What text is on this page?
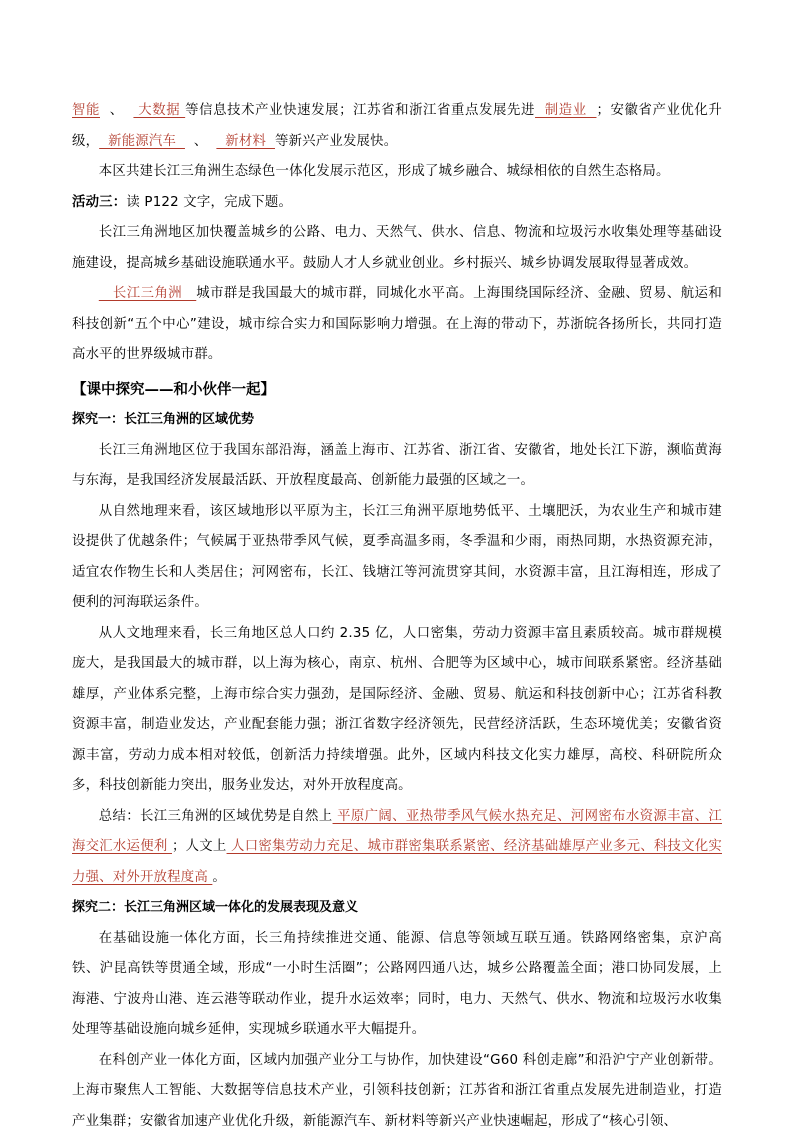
智能  、   大数据 等信息技术产业快速发展；江苏省和浙江省重点发展先进  制造业  ；安徽省产业优化升级，  新能源汽车    、    新材料  等新兴产业发展快。

本区共建长江三角洲生态绿色一体化发展示范区，形成了城乡融合、城绿相依的自然生态格局。

活动三：读 P122 文字，完成下题。

长江三角洲地区加快覆盖城乡的公路、电力、天然气、供水、信息、物流和垃圾污水收集处理等基础设施建设，提高城乡基础设施联通水平。鼓励人才人乡就业创业。乡村振兴、城乡协调发展取得显著成效。

长江三角洲   城市群是我国最大的城市群，同城化水平高。上海围绕国际经济、金融、贸易、航运和科技创新“五个中心”建设，城市综合实力和国际影响力增强。在上海的带动下，苏浙皖各扬所长，共同打造高水平的世界级城市群。

【课中探究——和小伙伴一起】

探究一：长江三角洲的区域优势

长江三角洲地区位于我国东部沿海，涵盖上海市、江苏省、浙江省、安徽省，地处长江下游，濒临黄海与东海，是我国经济发展最活跃、开放程度最高、创新能力最强的区域之一。

从自然地理来看，该区域地形以平原为主，长江三角洲平原地势低平、土壤肥沃，为农业生产和城市建设提供了优越条件；气候属于亚热带季风气候，夏季高温多雨，冬季温和少雨，雨热同期，水热资源充沛，适宜农作物生长和人类居住；河网密布，长江、钱塘江等河流贯穿其间，水资源丰富，且江海相连，形成了便利的河海联运条件。

从人文地理来看，长三角地区总人口约 2.35 亿，人口密集，劳动力资源丰富且素质较高。城市群规模庞大，是我国最大的城市群，以上海为核心，南京、杭州、合肥等为区域中心，城市间联系紧密。经济基础雄厚，产业体系完整，上海市综合实力强劲，是国际经济、金融、贸易、航运和科技创新中心；江苏省科教资源丰富，制造业发达，产业配套能力强；浙江省数字经济领先，民营经济活跃，生态环境优美；安徽省资源丰富，劳动力成本相对较低，创新活力持续增强。此外，区域内科技文化实力雄厚，高校、科研院所众多，科技创新能力突出，服务业发达，对外开放程度高。

总结：长江三角洲的区域优势是自然上 平原广阔、亚热带季风气候水热充足、河网密布水资源丰富、江海交汇水运便利 ；人文上 人口密集劳动力充足、城市群密集联系紧密、经济基础雄厚产业多元、科技文化实力强、对外开放程度高 。

探究二：长江三角洲区域一体化的发展表现及意义

在基础设施一体化方面，长三角持续推进交通、能源、信息等领域互联互通。铁路网络密集，京沪高铁、沪昆高铁等贯通全域，形成“一小时生活圈”；公路网四通八达，城乡公路覆盖全面；港口协同发展，上海港、宁波舟山港、连云港等联动作业，提升水运效率；同时，电力、天然气、供水、物流和垃圾污水收集处理等基础设施向城乡延伸，实现城乡联通水平大幅提升。

在科创产业一体化方面，区域内加强产业分工与协作，加快建设“G60 科创走廊”和沿沪宁产业创新带。上海市聚焦人工智能、大数据等信息技术产业，引领科技创新；江苏省和浙江省重点发展先进制造业，打造产业集群；安徽省加速产业优化升级，新能源汽车、新材料等新兴产业快速崛起，形成了“核心引领、
